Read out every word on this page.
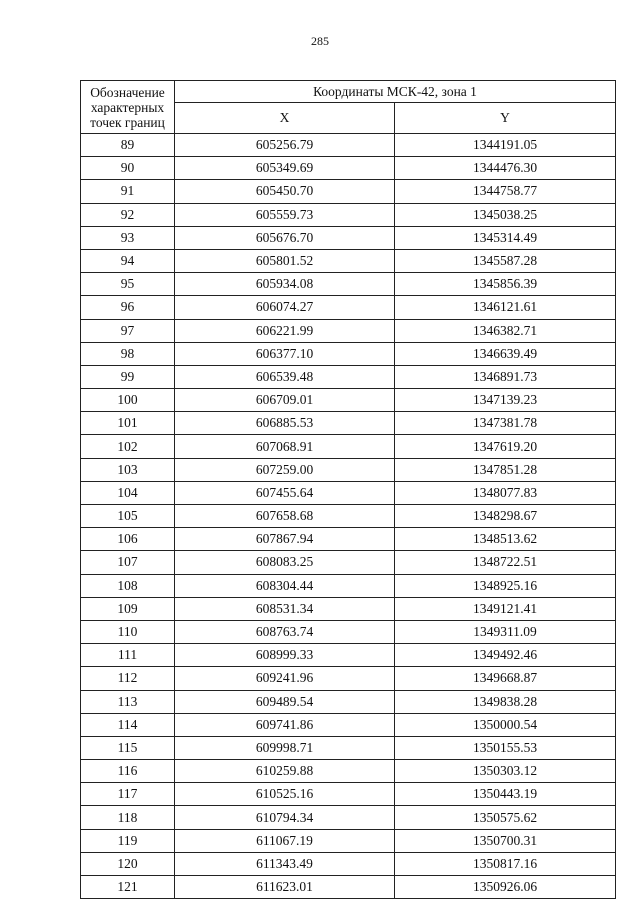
285
Обозначение характерных точек границ	Координаты МСК-42, зона 1	
	X	Y
89	605256.79	1344191.05
90	605349.69	1344476.30
91	605450.70	1344758.77
92	605559.73	1345038.25
93	605676.70	1345314.49
94	605801.52	1345587.28
95	605934.08	1345856.39
96	606074.27	1346121.61
97	606221.99	1346382.71
98	606377.10	1346639.49
99	606539.48	1346891.73
100	606709.01	1347139.23
101	606885.53	1347381.78
102	607068.91	1347619.20
103	607259.00	1347851.28
104	607455.64	1348077.83
105	607658.68	1348298.67
106	607867.94	1348513.62
107	608083.25	1348722.51
108	608304.44	1348925.16
109	608531.34	1349121.41
110	608763.74	1349311.09
111	608999.33	1349492.46
112	609241.96	1349668.87
113	609489.54	1349838.28
114	609741.86	1350000.54
115	609998.71	1350155.53
116	610259.88	1350303.12
117	610525.16	1350443.19
118	610794.34	1350575.62
119	611067.19	1350700.31
120	611343.49	1350817.16
121	611623.01	1350926.06
